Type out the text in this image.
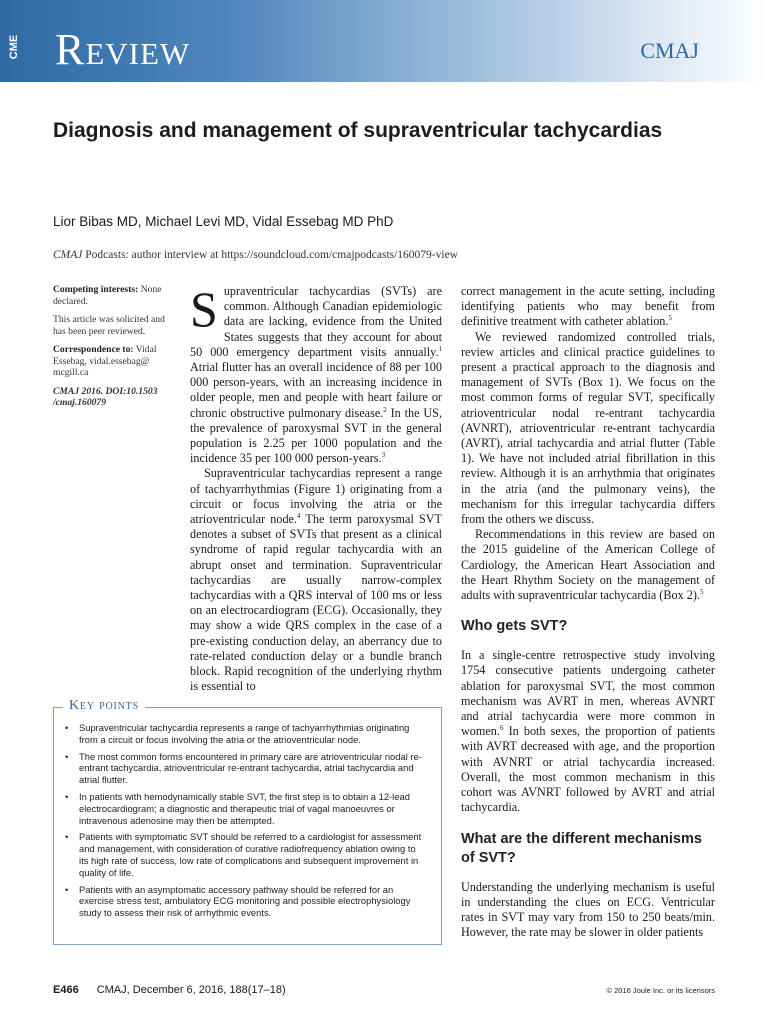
CME Review	CMAJ
Diagnosis and management of supraventricular tachycardias
Lior Bibas MD, Michael Levi MD, Vidal Essebag MD PhD
CMAJ Podcasts: author interview at https://soundcloud.com/cmajpodcasts/160079-view

Competing interests: None declared.

This article was solicited and has been peer reviewed.

Correspondence to: Vidal Essebag, vidal.essebag@ mcgill.ca

CMAJ 2016. DOI:10.1503 /cmaj.160079

Supraventricular tachycardias (SVTs) are common. Although Canadian epidemiologic data are lacking, evidence from the United States suggests that they account for about 50 000 emergency department visits annually.$^1$ Atrial flutter has an overall incidence of 88 per 100 000 person-years, with an increasing incidence in older people, men and people with heart failure or chronic obstructive pulmonary disease.$^2$ In the US, the prevalence of paroxysmal SVT in the general population is 2.25 per 1000 population and the incidence 35 per 100 000 person-years.$^3$

Supraventricular tachycardias represent a range of tachyarrhythmias (Figure 1) originating from a circuit or focus involving the atria or the atrioventricular node.$^4$ The term paroxysmal SVT denotes a subset of SVTs that present as a clinical syndrome of rapid regular tachycardia with an abrupt onset and termination. Supraventricular tachycardias are usually narrow-complex tachycardias with a QRS interval of 100 ms or less on an electrocardiogram (ECG). Occasionally, they may show a wide QRS complex in the case of a pre-existing conduction delay, an aberrancy due to rate-related conduction delay or a bundle branch block. Rapid recognition of the underlying rhythm is essential to

correct management in the acute setting, including identifying patients who may benefit from definitive treatment with catheter ablation.$^5$

We reviewed randomized controlled trials, review articles and clinical practice guidelines to present a practical approach to the diagnosis and management of SVTs (Box 1). We focus on the most common forms of regular SVT, specifically atrioventricular nodal re-entrant tachycardia (AVNRT), atrioventricular re-entrant tachycardia (AVRT), atrial tachycardia and atrial flutter (Table 1). We have not included atrial fibrillation in this review. Although it is an arrhythmia that originates in the atria (and the pulmonary veins), the mechanism for this irregular tachycardia differs from the others we discuss.

Recommendations in this review are based on the 2015 guideline of the American College of Cardiology, the American Heart Association and the Heart Rhythm Society on the management of adults with supraventricular tachycardia (Box 2).$^5$

Who gets SVT?

In a single-centre retrospective study involving 1754 consecutive patients undergoing catheter ablation for paroxysmal SVT, the most common mechanism was AVRT in men, whereas AVNRT and atrial tachycardia were more common in women.$^6$ In both sexes, the proportion of patients with AVRT decreased with age, and the proportion with AVNRT or atrial tachycardia increased. Overall, the most common mechanism in this cohort was AVNRT followed by AVRT and atrial tachycardia.

What are the different mechanisms of SVT?

Understanding the underlying mechanism is useful in understanding the clues on ECG. Ventricular rates in SVT may vary from 150 to 250 beats/min. However, the rate may be slower in older patients

Key points
• Supraventricular tachycardia represents a range of tachyarrhythmias originating from a circuit or focus involving the atria or the atrioventricular node.
• The most common forms encountered in primary care are atrioventricular nodal re-entrant tachycardia, atrioventricular re-entrant tachycardia, atrial tachycardia and atrial flutter.
• In patients with hemodynamically stable SVT, the first step is to obtain a 12-lead electrocardiogram; a diagnostic and therapeutic trial of vagal manoeuvres or intravenous adenosine may then be attempted.
• Patients with symptomatic SVT should be referred to a cardiologist for assessment and management, with consideration of curative radiofrequency ablation owing to its high rate of success, low rate of complications and subsequent improvement in quality of life.
• Patients with an asymptomatic accessory pathway should be referred for an exercise stress test, ambulatory ECG monitoring and possible electrophysiology study to assess their risk of arrhythmic events.
E466 CMAJ, December 6, 2016, 188(17–18)	© 2016 Joule Inc. or its licensors
